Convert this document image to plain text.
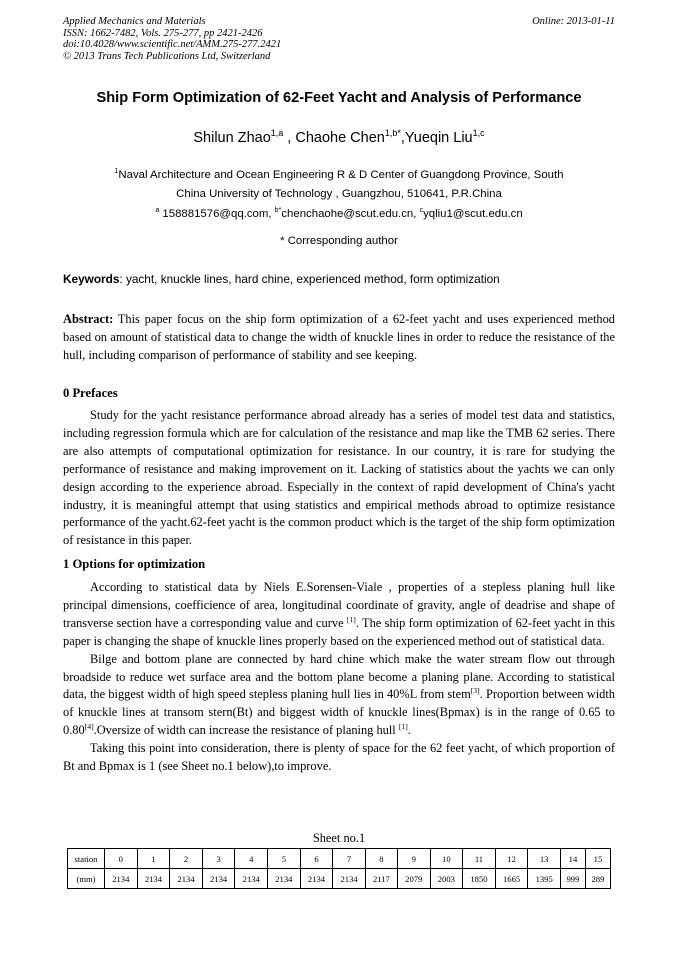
Applied Mechanics and Materials
ISSN: 1662-7482, Vols. 275-277, pp 2421-2426
doi:10.4028/www.scientific.net/AMM.275-277.2421
© 2013 Trans Tech Publications Ltd, Switzerland
Online: 2013-01-11
Ship Form Optimization of 62-Feet Yacht and Analysis of Performance
Shilun Zhao$^{1,a}$ , Chaohe Chen$^{1,b*}$,Yueqin Liu$^{1,c}$
$^1$Naval Architecture and Ocean Engineering R & D Center of Guangdong Province, South
China University of Technology , Guangzhou, 510641, P.R.China
$^a$ 158881576@qq.com, $^{b*}$chenchaohe@scut.edu.cn, $^c$yqliu1@scut.edu.cn
* Corresponding author
Keywords: yacht, knuckle lines, hard chine, experienced method, form optimization

Abstract: This paper focus on the ship form optimization of a 62-feet yacht and uses experienced method based on amount of statistical data to change the width of knuckle lines in order to reduce the resistance of the hull, including comparison of performance of stability and see keeping.

0 Prefaces

Study for the yacht resistance performance abroad already has a series of model test data and statistics, including regression formula which are for calculation of the resistance and map like the TMB 62 series. There are also attempts of computational optimization for resistance. In our country, it is rare for studying the performance of resistance and making improvement on it. Lacking of statistics about the yachts we can only design according to the experience abroad. Especially in the context of rapid development of China's yacht industry, it is meaningful attempt that using statistics and empirical methods abroad to optimize resistance performance of the yacht.62-feet yacht is the common product which is the target of the ship form optimization of resistance in this paper.

1 Options for optimization

According to statistical data by Niels E.Sorensen-Viale , properties of a stepless planing hull like principal dimensions, coefficience of area, longitudinal coordinate of gravity, angle of deadrise and shape of transverse section have a corresponding value and curve [1]. The ship form optimization of 62-feet yacht in this paper is changing the shape of knuckle lines properly based on the experienced method out of statistical data.

Bilge and bottom plane are connected by hard chine which make the water stream flow out through broadside to reduce wet surface area and the bottom plane become a planing plane. According to statistical data, the biggest width of high speed stepless planing hull lies in 40%L from stem[3]. Proportion between width of knuckle lines at transom stern(Bt) and biggest width of knuckle lines(Bpmax) is in the range of 0.65 to 0.80[4].Oversize of width can increase the resistance of planing hull [1].

Taking this point into consideration, there is plenty of space for the 62 feet yacht, of which proportion of Bt and Bpmax is 1 (see Sheet no.1 below),to improve.

Sheet no.1
station	0	1	2	3	4	5	6	7	8	9	10	11	12	13	14	15
(mm)	2134	2134	2134	2134	2134	2134	2134	2134	2117	2079	2003	1850	1665	1395	999	289
